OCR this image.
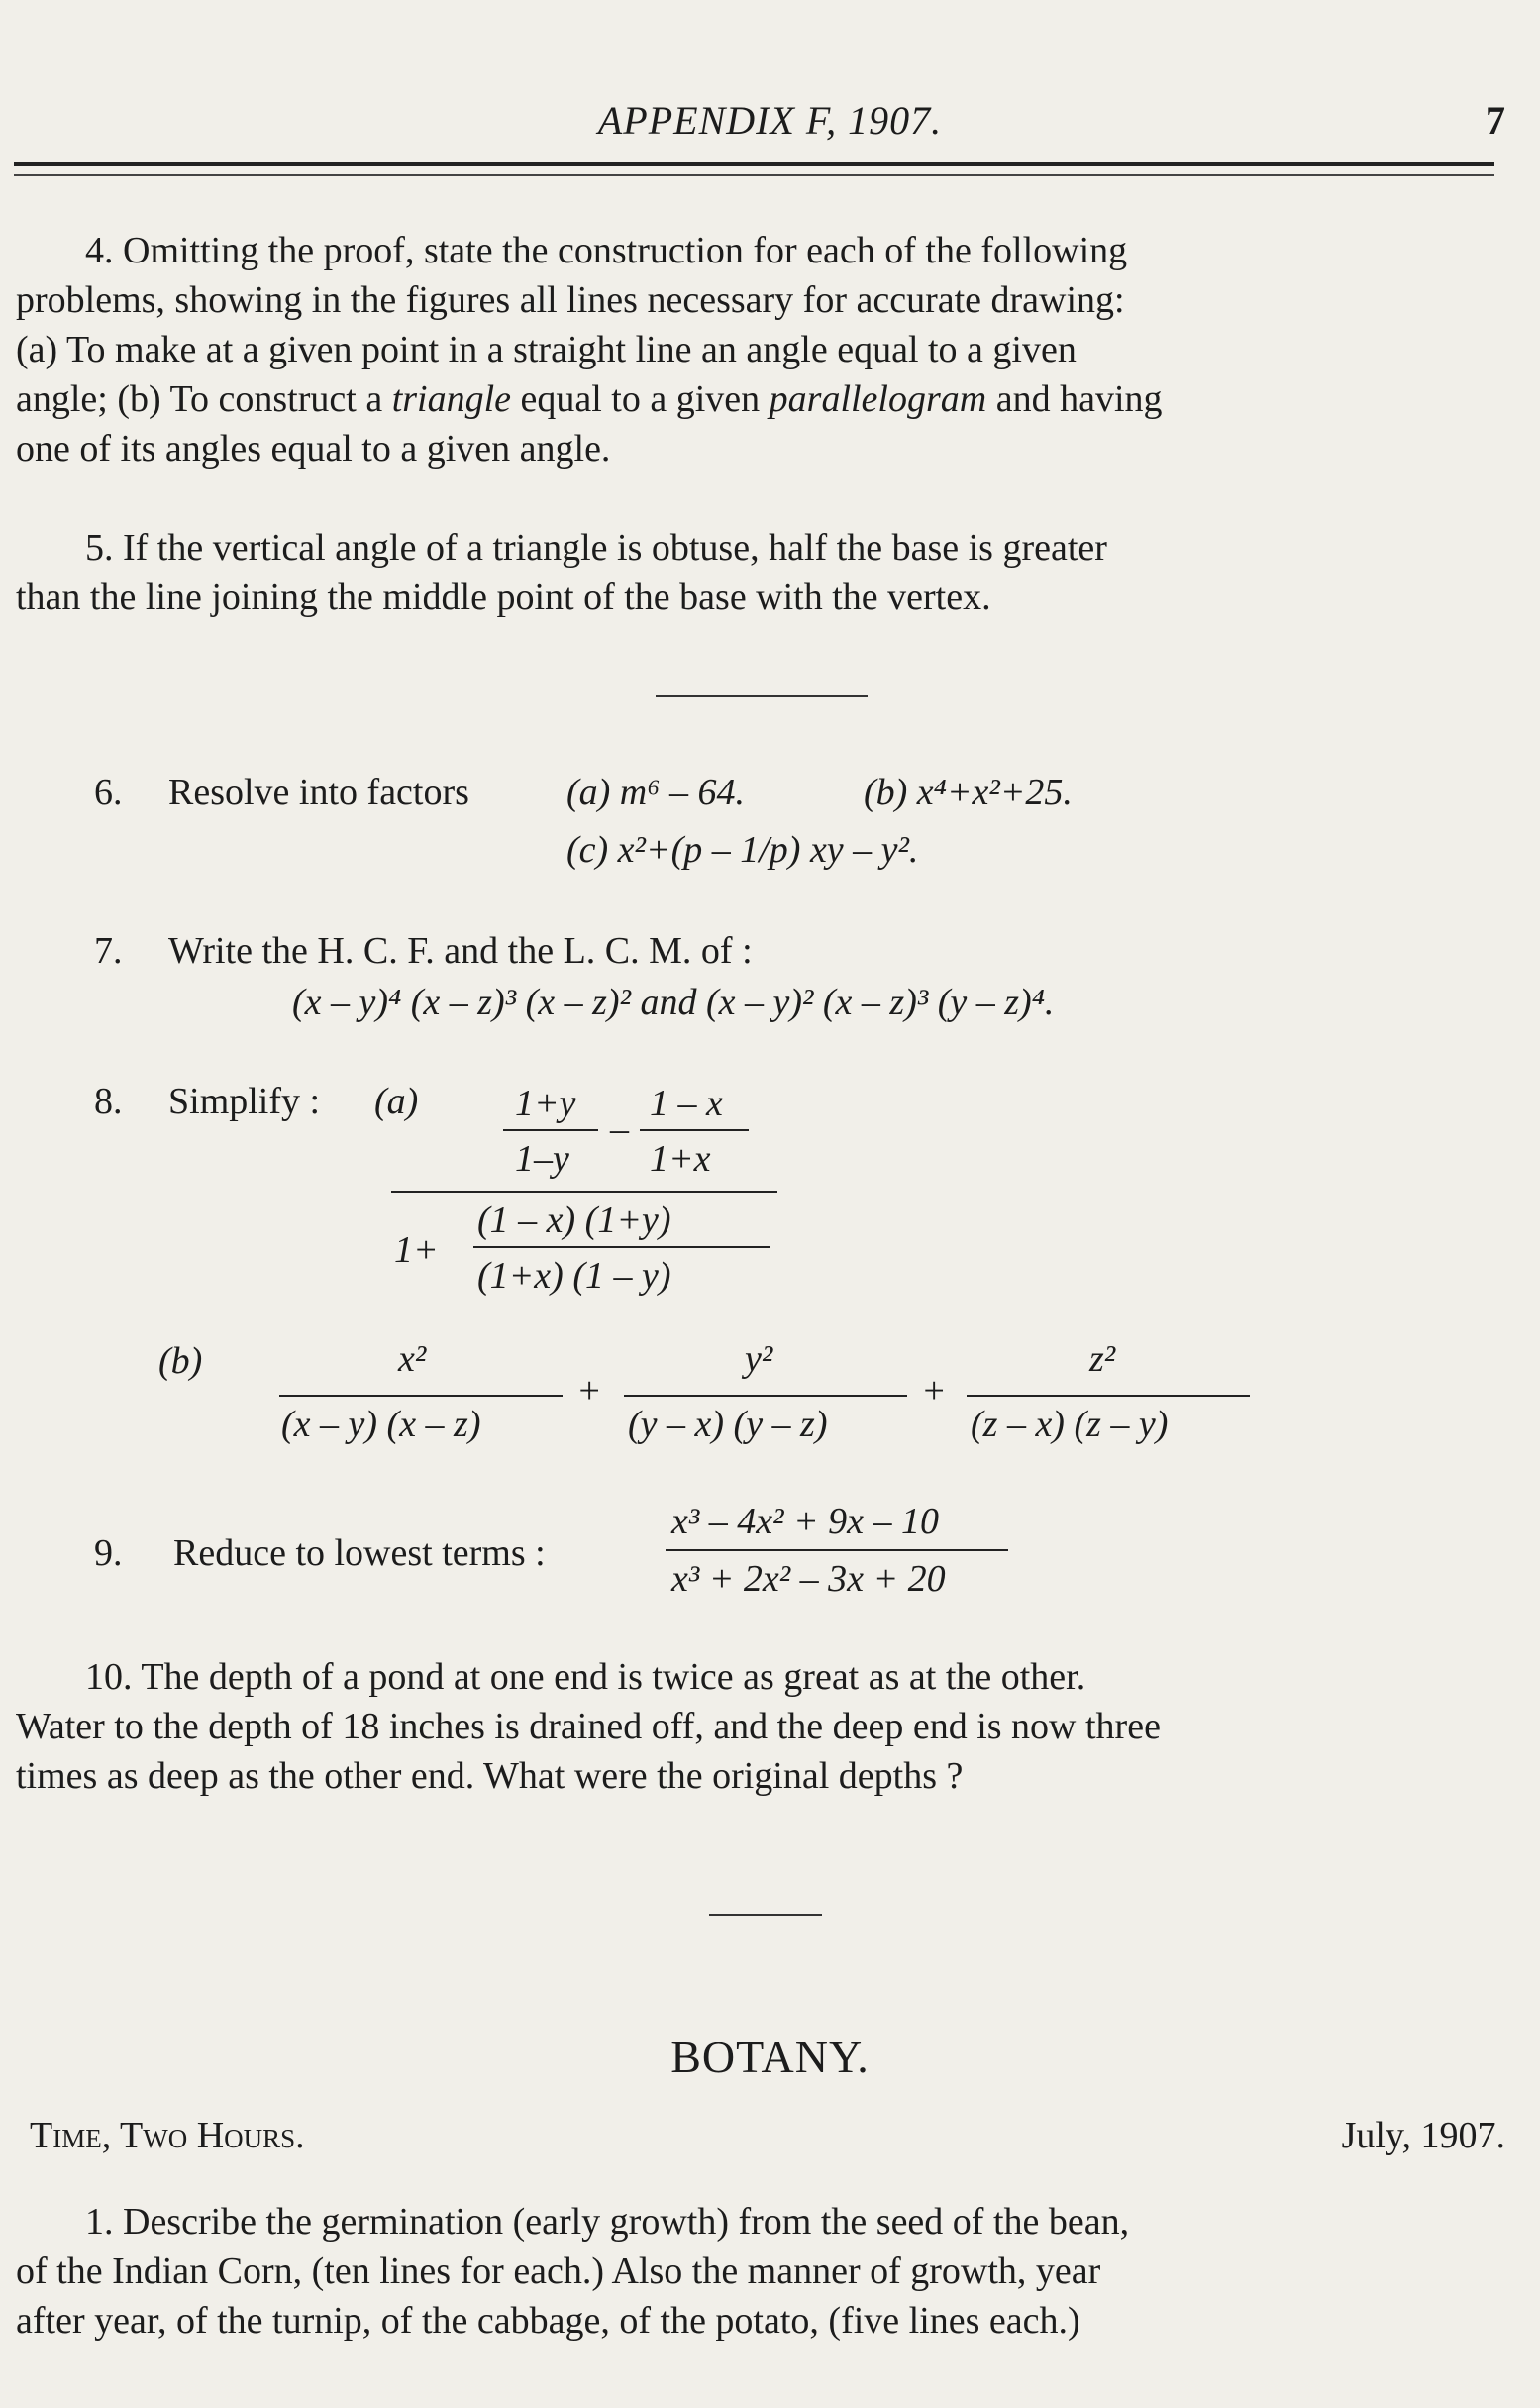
APPENDIX F, 1907.	7
4. Omitting the proof, state the construction for each of the following
problems, showing in the figures all lines necessary for accurate drawing:
(a) To make at a given point in a straight line an angle equal to a given
angle; (b) To construct a triangle equal to a given parallelogram and having
one of its angles equal to a given angle.
5. If the vertical angle of a triangle is obtuse, half the base is greater
than the line joining the middle point of the base with the vertex.
6. Resolve into factors	(a) m⁶ – 64.	(b) x⁴+x²+25.
(c) x²+(p – 1/p) xy – y².
7. Write the H. C. F. and the L. C. M. of :
(x – y)⁴ (x – z)³ (x – z)² and (x – y)² (x – z)³ (y – z)⁴.
8. Simplify : (a)	1+y
1–y
–
1 – x
1+x
1+
(1 – x) (1+y)
(1+x) (1 – y)
(b)	x²
(x – y) (x – z)
+
y²
(y – x) (y – z)
+
z²
(z – x) (z – y)
9. Reduce to lowest terms :
x³ – 4x² + 9x – 10
x³ + 2x² – 3x + 20
10. The depth of a pond at one end is twice as great as at the other.
Water to the depth of 18 inches is drained off, and the deep end is now three
times as deep as the other end. What were the original depths ?
BOTANY.
Time, Two Hours.	July, 1907.
1. Describe the germination (early growth) from the seed of the bean,
of the Indian Corn, (ten lines for each.) Also the manner of growth, year
after year, of the turnip, of the cabbage, of the potato, (five lines each.)
